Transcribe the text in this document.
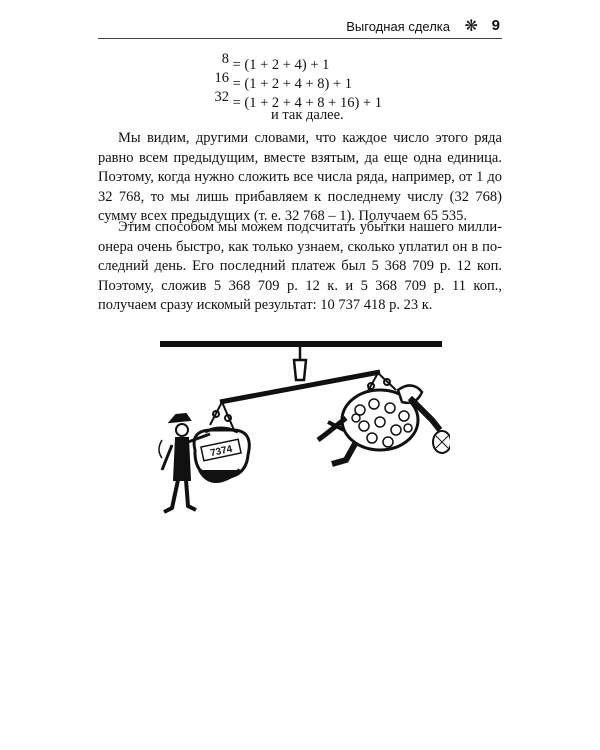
Выгодная сделка ❋ 9
8 = (1 + 2 + 4) + 1
16 = (1 + 2 + 4 + 8) + 1
32 = (1 + 2 + 4 + 8 + 16) + 1
и так далее.

Мы видим, другими словами, что каждое число этого ряда равно всем предыдущим, вместе взятым, да еще одна единица. Поэтому, когда нужно сложить все числа ряда, например, от 1 до 32 768, то мы лишь прибавляем к последнему числу (32 768) сумму всех предыдущих (т. е. 32 768 – 1). Получаем 65 535.

Этим способом мы можем подсчитать убытки нашего миллионера очень быстро, как только узнаем, сколько уплатил он в последний день. Его последний платеж был 5 368 709 р. 12 коп. Поэтому, сложив 5 368 709 р. 12 к. и 5 368 709 р. 11 коп., получаем сразу искомый результат: 10 737 418 р. 23 к.

7374
